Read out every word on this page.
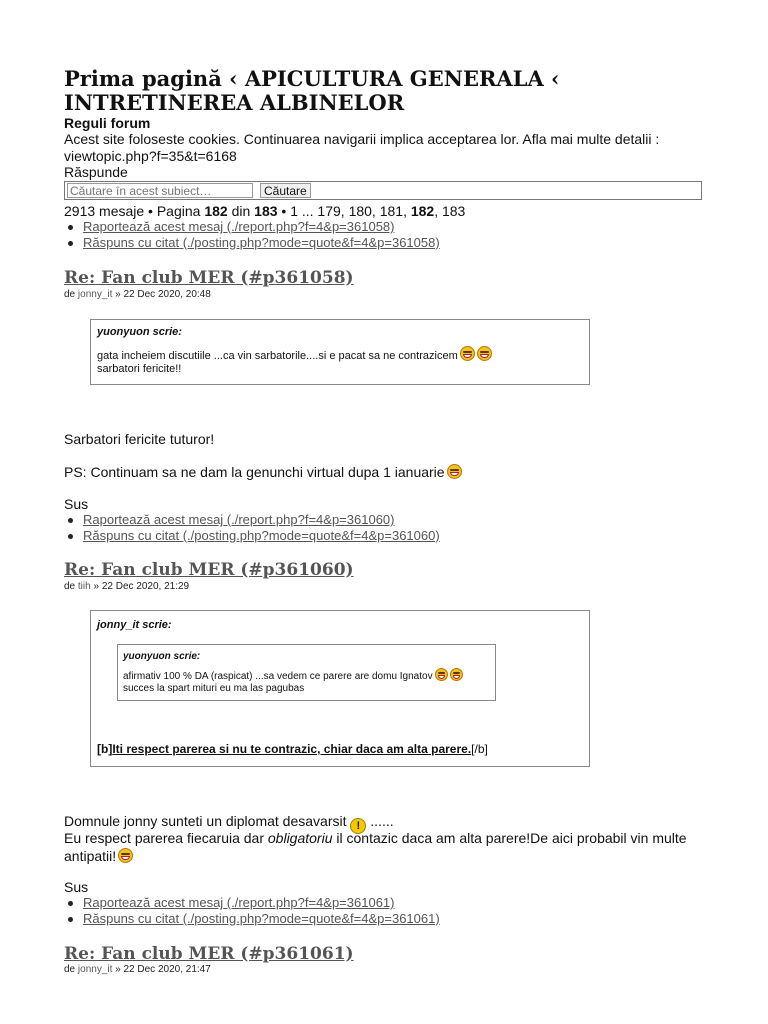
Prima pagină ‹ APICULTURA GENERALA ‹ INTRETINEREA ALBINELOR
Reguli forum
Acest site foloseste cookies. Continuarea navigarii implica acceptarea lor. Afla mai multe detalii :
viewtopic.php?f=35&t=6168
Răspunde
Căutare în acest subiect…
Căutare
2913 mesaje • Pagina 182 din 183 • 1 ... 179, 180, 181, 182, 183
Raportează acest mesaj (./report.php?f=4&p=361058)
Răspuns cu citat (./posting.php?mode=quote&f=4&p=361058)
Re: Fan club MER (#p361058)
de jonny_it » 22 Dec 2020, 20:48
yuonyuon scrie:
gata incheiem discutiile ...ca vin sarbatorile....si e pacat sa ne contrazicem
sarbatori fericite!!
Sarbatori fericite tuturor!
PS: Continuam sa ne dam la genunchi virtual dupa 1 ianuarie
Sus
Raportează acest mesaj (./report.php?f=4&p=361060)
Răspuns cu citat (./posting.php?mode=quote&f=4&p=361060)
Re: Fan club MER (#p361060)
de tiih » 22 Dec 2020, 21:29
jonny_it scrie:
yuonyuon scrie:
afirmativ 100 % DA (raspicat) ...sa vedem ce parere are domu Ignatov
succes la spart mituri eu ma las pagubas
[b]Iti respect parerea si nu te contrazic, chiar daca am alta parere.[/b]
Domnule jonny sunteti un diplomat desavarsit ! ......
Eu respect parerea fiecaruia dar obligatoriu il contazic daca am alta parere!De aici probabil vin multe
antipatii!
Sus
Raportează acest mesaj (./report.php?f=4&p=361061)
Răspuns cu citat (./posting.php?mode=quote&f=4&p=361061)
Re: Fan club MER (#p361061)
de jonny_it » 22 Dec 2020, 21:47
